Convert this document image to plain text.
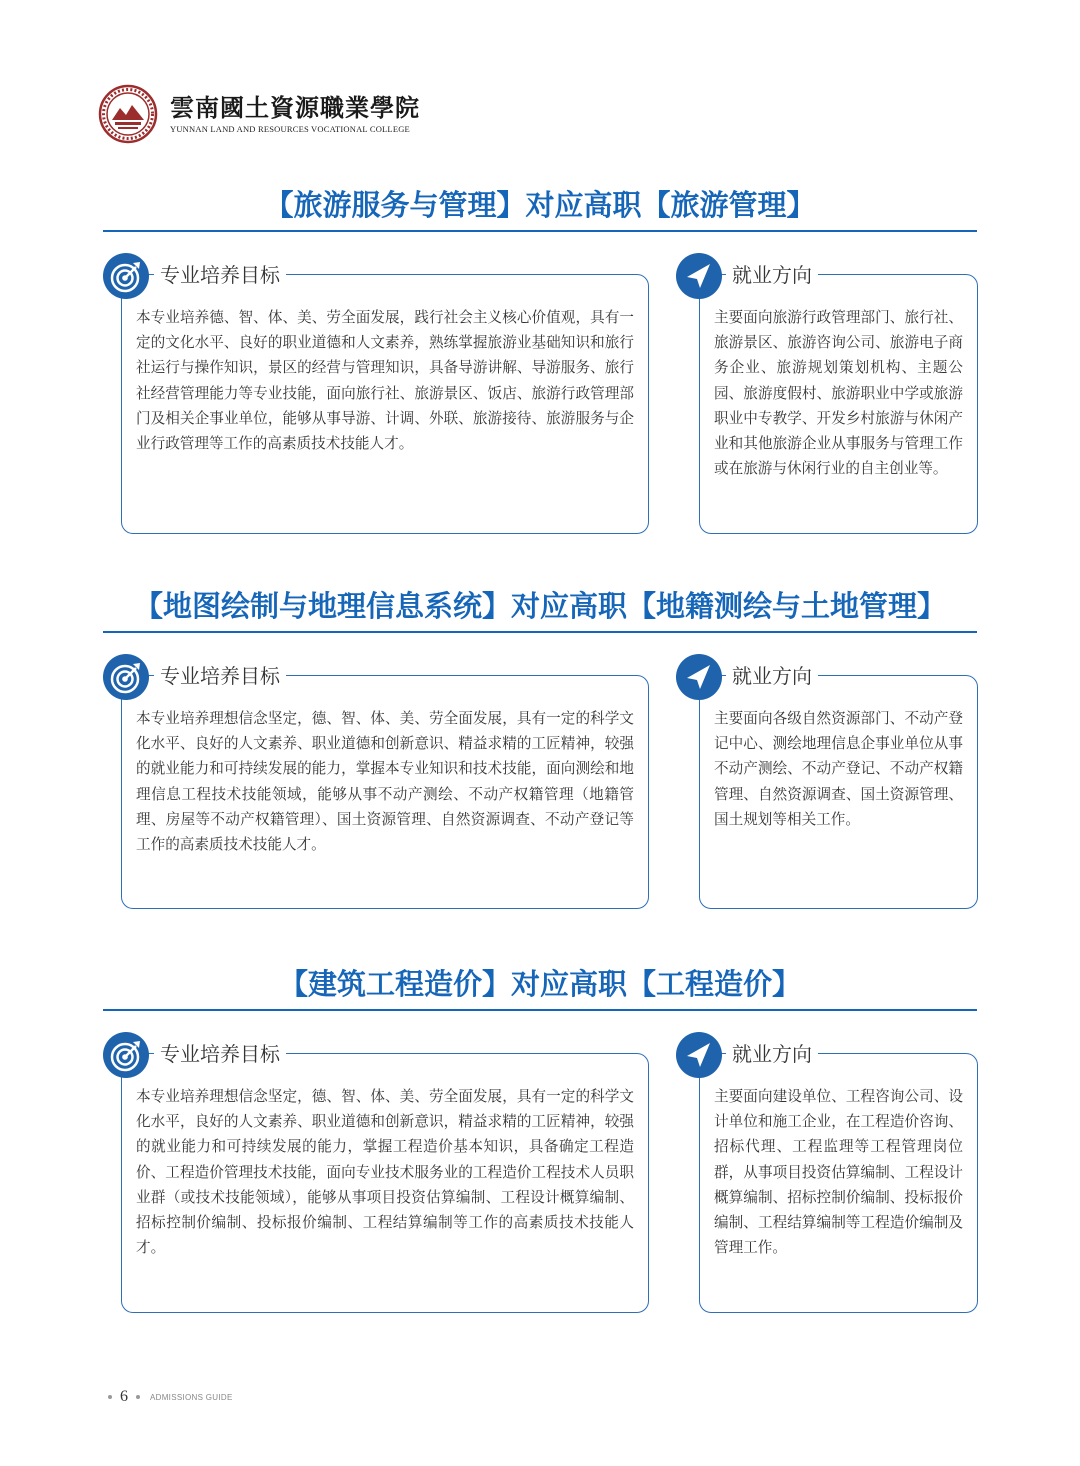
雲南國土資源職業學院
YUNNAN LAND AND RESOURCES VOCATIONAL COLLEGE
【旅游服务与管理】对应高职【旅游管理】
本专业培养德、智、体、美、劳全面发展，践行社会主义核心价值观，具有一定的文化水平、良好的职业道德和人文素养，熟练掌握旅游业基础知识和旅行社运行与操作知识，景区的经营与管理知识，具备导游讲解、导游服务、旅行社经营管理能力等专业技能，面向旅行社、旅游景区、饭店、旅游行政管理部门及相关企事业单位，能够从事导游、计调、外联、旅游接待、旅游服务与企业行政管理等工作的高素质技术技能人才。
专业培养目标
主要面向旅游行政管理部门、旅行社、旅游景区、旅游咨询公司、旅游电子商务企业、旅游规划策划机构、主题公园、旅游度假村、旅游职业中学或旅游职业中专教学、开发乡村旅游与休闲产业和其他旅游企业从事服务与管理工作或在旅游与休闲行业的自主创业等。
就业方向
【地图绘制与地理信息系统】对应高职【地籍测绘与土地管理】
本专业培养理想信念坚定，德、智、体、美、劳全面发展，具有一定的科学文化水平、良好的人文素养、职业道德和创新意识、精益求精的工匠精神，较强的就业能力和可持续发展的能力，掌握本专业知识和技术技能，面向测绘和地理信息工程技术技能领域，能够从事不动产测绘、不动产权籍管理（地籍管理、房屋等不动产权籍管理）、国土资源管理、自然资源调查、不动产登记等工作的高素质技术技能人才。
专业培养目标
主要面向各级自然资源部门、不动产登记中心、测绘地理信息企事业单位从事不动产测绘、不动产登记、不动产权籍管理、自然资源调查、国土资源管理、国土规划等相关工作。
就业方向
【建筑工程造价】对应高职【工程造价】
本专业培养理想信念坚定，德、智、体、美、劳全面发展，具有一定的科学文化水平，良好的人文素养、职业道德和创新意识，精益求精的工匠精神，较强的就业能力和可持续发展的能力，掌握工程造价基本知识，具备确定工程造价、工程造价管理技术技能，面向专业技术服务业的工程造价工程技术人员职业群（或技术技能领域），能够从事项目投资估算编制、工程设计概算编制、招标控制价编制、投标报价编制、工程结算编制等工作的高素质技术技能人才。
专业培养目标
主要面向建设单位、工程咨询公司、设计单位和施工企业，在工程造价咨询、招标代理、工程监理等工程管理岗位群，从事项目投资估算编制、工程设计概算编制、招标控制价编制、投标报价编制、工程结算编制等工程造价编制及管理工作。
就业方向
6	ADMISSIONS GUIDE
